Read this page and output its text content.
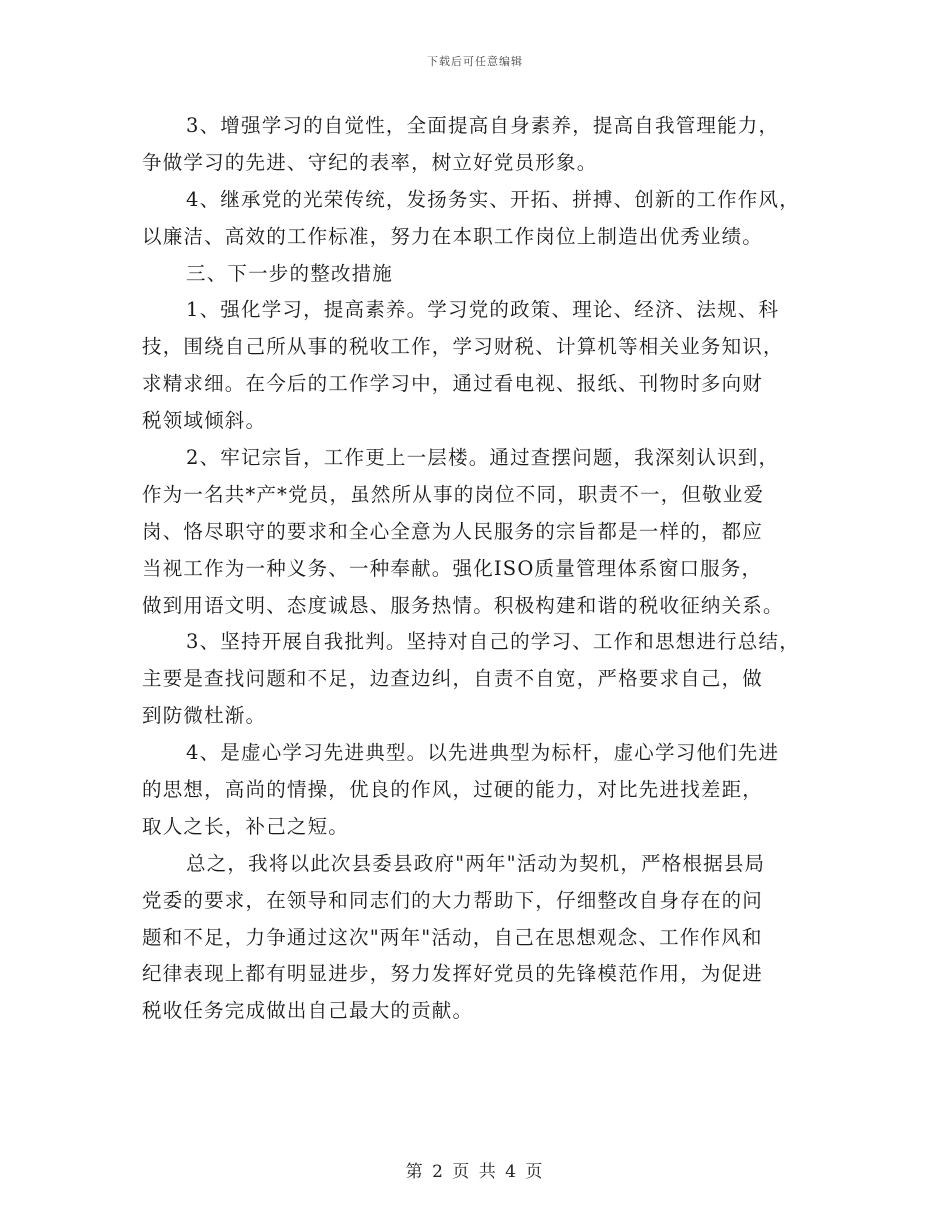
下载后可任意编辑
3、增强学习的自觉性，全面提高自身素养，提高自我管理能力，
争做学习的先进、守纪的表率，树立好党员形象。
4、继承党的光荣传统，发扬务实、开拓、拼搏、创新的工作作风，
以廉洁、高效的工作标准，努力在本职工作岗位上制造出优秀业绩。
三、下一步的整改措施
1、强化学习，提高素养。学习党的政策、理论、经济、法规、科
技，围绕自己所从事的税收工作，学习财税、计算机等相关业务知识，
求精求细。在今后的工作学习中，通过看电视、报纸、刊物时多向财
税领域倾斜。
2、牢记宗旨，工作更上一层楼。通过查摆问题，我深刻认识到，
作为一名共*产*党员，虽然所从事的岗位不同，职责不一，但敬业爱
岗、恪尽职守的要求和全心全意为人民服务的宗旨都是一样的，都应
当视工作为一种义务、一种奉献。强化ISO质量管理体系窗口服务，
做到用语文明、态度诚恳、服务热情。积极构建和谐的税收征纳关系。
3、坚持开展自我批判。坚持对自己的学习、工作和思想进行总结，
主要是查找问题和不足，边查边纠，自责不自宽，严格要求自己，做
到防微杜渐。
4、是虚心学习先进典型。以先进典型为标杆，虚心学习他们先进
的思想，高尚的情操，优良的作风，过硬的能力，对比先进找差距，
取人之长，补己之短。
总之，我将以此次县委县政府"两年"活动为契机，严格根据县局
党委的要求，在领导和同志们的大力帮助下，仔细整改自身存在的问
题和不足，力争通过这次"两年"活动，自己在思想观念、工作作风和
纪律表现上都有明显进步，努力发挥好党员的先锋模范作用，为促进
税收任务完成做出自己最大的贡献。
第 2 页 共 4 页
